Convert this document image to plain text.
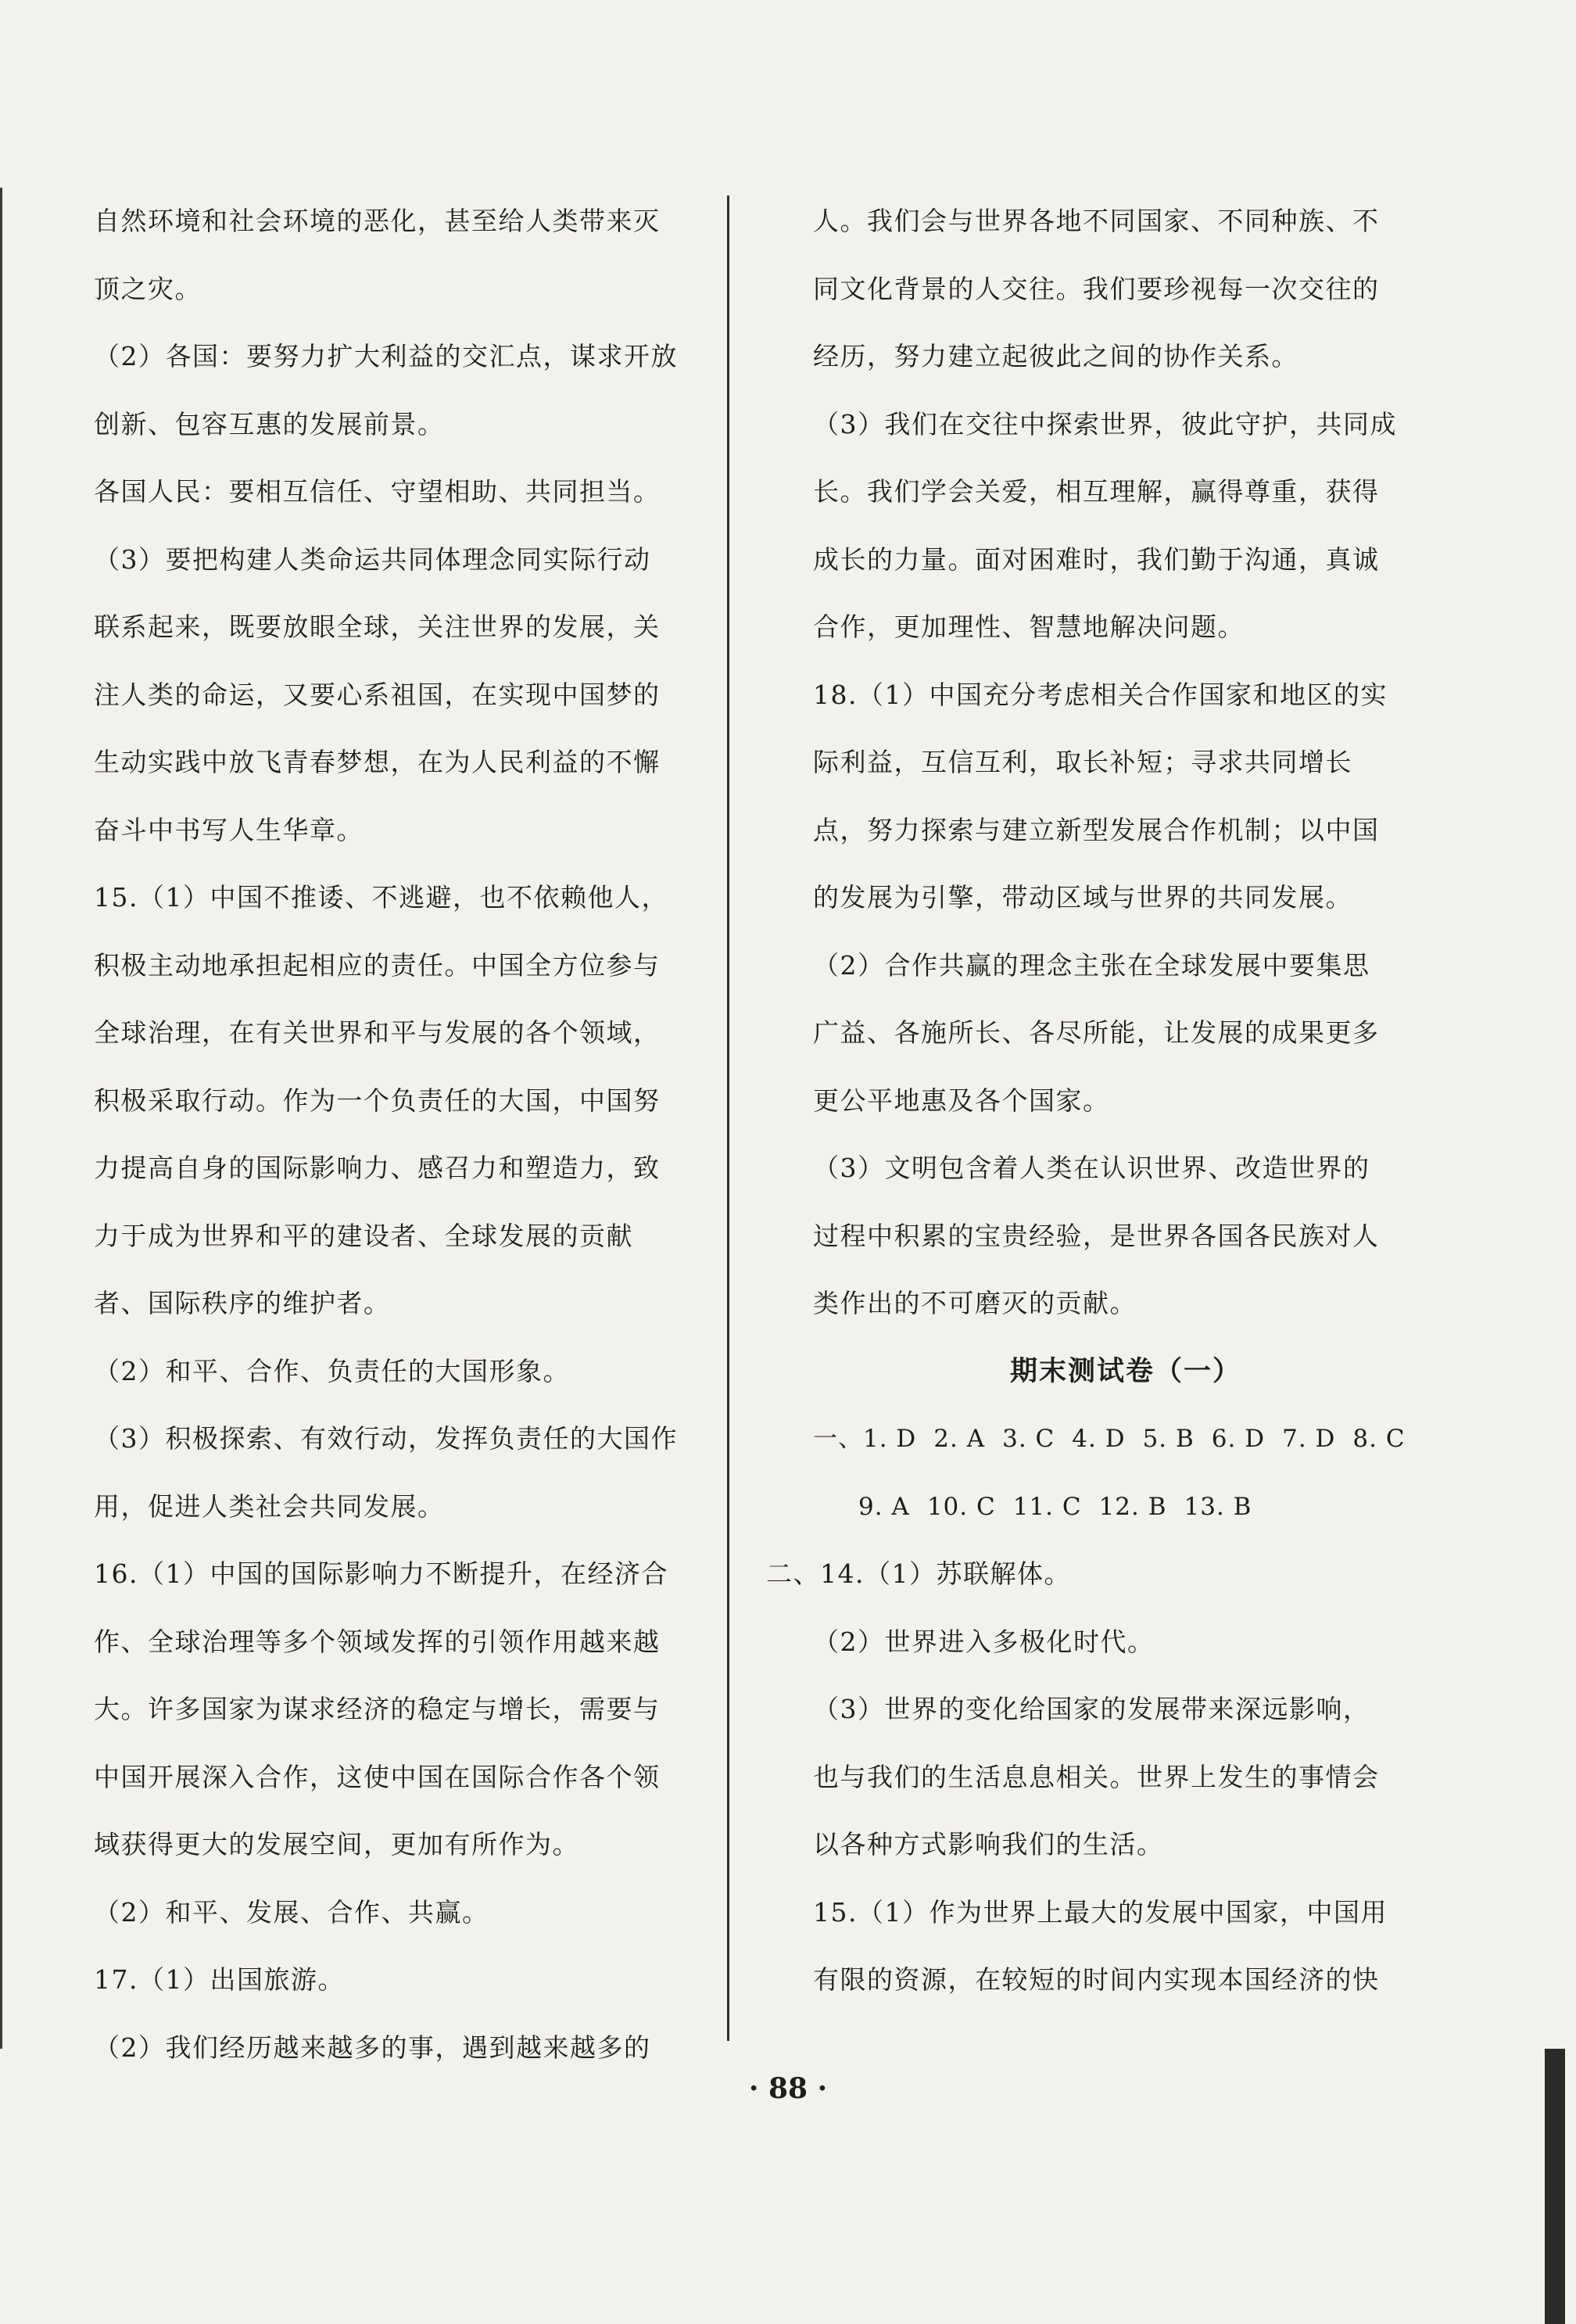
自然环境和社会环境的恶化，甚至给人类带来灭

顶之灾。

（2）各国：要努力扩大利益的交汇点，谋求开放

创新、包容互惠的发展前景。

各国人民：要相互信任、守望相助、共同担当。

（3）要把构建人类命运共同体理念同实际行动

联系起来，既要放眼全球，关注世界的发展，关

注人类的命运，又要心系祖国，在实现中国梦的

生动实践中放飞青春梦想，在为人民利益的不懈

奋斗中书写人生华章。

15.（1）中国不推诿、不逃避，也不依赖他人，

积极主动地承担起相应的责任。中国全方位参与

全球治理，在有关世界和平与发展的各个领域，

积极采取行动。作为一个负责任的大国，中国努

力提高自身的国际影响力、感召力和塑造力，致

力于成为世界和平的建设者、全球发展的贡献

者、国际秩序的维护者。

（2）和平、合作、负责任的大国形象。

（3）积极探索、有效行动，发挥负责任的大国作

用，促进人类社会共同发展。

16.（1）中国的国际影响力不断提升，在经济合

作、全球治理等多个领域发挥的引领作用越来越

大。许多国家为谋求经济的稳定与增长，需要与

中国开展深入合作，这使中国在国际合作各个领

域获得更大的发展空间，更加有所作为。

（2）和平、发展、合作、共赢。

17.（1）出国旅游。

（2）我们经历越来越多的事，遇到越来越多的

人。我们会与世界各地不同国家、不同种族、不

同文化背景的人交往。我们要珍视每一次交往的

经历，努力建立起彼此之间的协作关系。

（3）我们在交往中探索世界，彼此守护，共同成

长。我们学会关爱，相互理解，赢得尊重，获得

成长的力量。面对困难时，我们勤于沟通，真诚

合作，更加理性、智慧地解决问题。

18.（1）中国充分考虑相关合作国家和地区的实

际利益，互信互利，取长补短；寻求共同增长

点，努力探索与建立新型发展合作机制；以中国

的发展为引擎，带动区域与世界的共同发展。

（2）合作共赢的理念主张在全球发展中要集思

广益、各施所长、各尽所能，让发展的成果更多

更公平地惠及各个国家。

（3）文明包含着人类在认识世界、改造世界的

过程中积累的宝贵经验，是世界各国各民族对人

类作出的不可磨灭的贡献。

期末测试卷（一）

一、1. D 2. A 3. C 4. D 5. B 6. D 7. D 8. C

9. A 10. C 11. C 12. B 13. B

二、14.（1）苏联解体。

（2）世界进入多极化时代。

（3）世界的变化给国家的发展带来深远影响，

也与我们的生活息息相关。世界上发生的事情会

以各种方式影响我们的生活。

15.（1）作为世界上最大的发展中国家，中国用

有限的资源，在较短的时间内实现本国经济的快

· 88 ·
